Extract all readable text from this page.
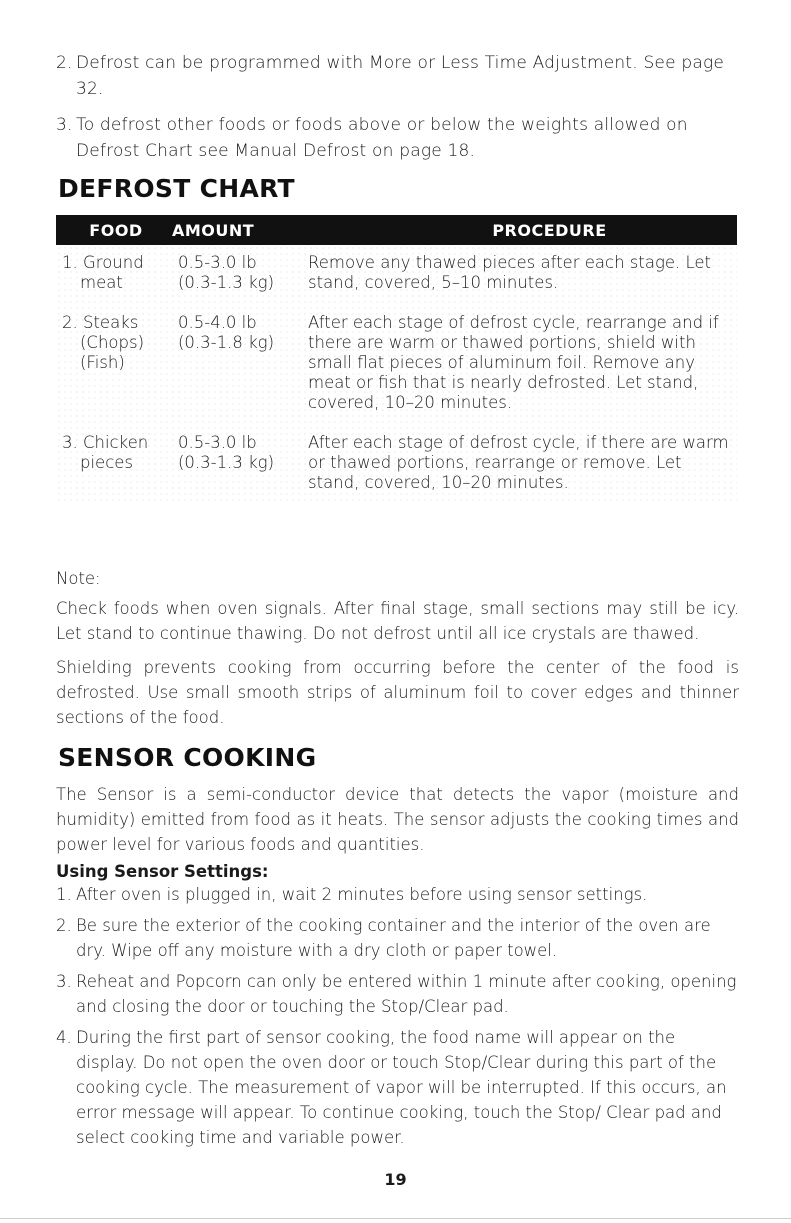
2. Defrost can be programmed with More or Less Time Adjustment. See page 32.
3. To defrost other foods or foods above or below the weights allowed on Defrost Chart see Manual Defrost on page 18.
DEFROST CHART
FOOD	AMOUNT	PROCEDURE
1. Ground
meat
0.5-3.0 lb
(0.3-1.3 kg)
Remove any thawed pieces after each stage. Let stand, covered, 5–10 minutes.
2. Steaks
(Chops)
(Fish)
0.5-4.0 lb
(0.3-1.8 kg)
After each stage of defrost cycle, rearrange and if there are warm or thawed portions, shield with small flat pieces of aluminum foil. Remove any meat or fish that is nearly defrosted. Let stand, covered, 10–20 minutes.
3. Chicken
pieces
0.5-3.0 lb
(0.3-1.3 kg)
After each stage of defrost cycle, if there are warm or thawed portions, rearrange or remove. Let stand, covered, 10–20 minutes.

Note:

Check foods when oven signals. After final stage, small sections may still be icy. Let stand to continue thawing. Do not defrost until all ice crystals are thawed.

Shielding prevents cooking from occurring before the center of the food is defrosted. Use small smooth strips of aluminum foil to cover edges and thinner sections of the food.

SENSOR COOKING

The Sensor is a semi-conductor device that detects the vapor (moisture and humidity) emitted from food as it heats. The sensor adjusts the cooking times and power level for various foods and quantities.

Using Sensor Settings:

1. After oven is plugged in, wait 2 minutes before using sensor settings.
2. Be sure the exterior of the cooking container and the interior of the oven are dry. Wipe off any moisture with a dry cloth or paper towel.
3. Reheat and Popcorn can only be entered within 1 minute after cooking, opening and closing the door or touching the Stop/Clear pad.
4. During the first part of sensor cooking, the food name will appear on the display. Do not open the oven door or touch Stop/Clear during this part of the cooking cycle. The measurement of vapor will be interrupted. If this occurs, an error message will appear. To continue cooking, touch the Stop/ Clear pad and select cooking time and variable power.
19
